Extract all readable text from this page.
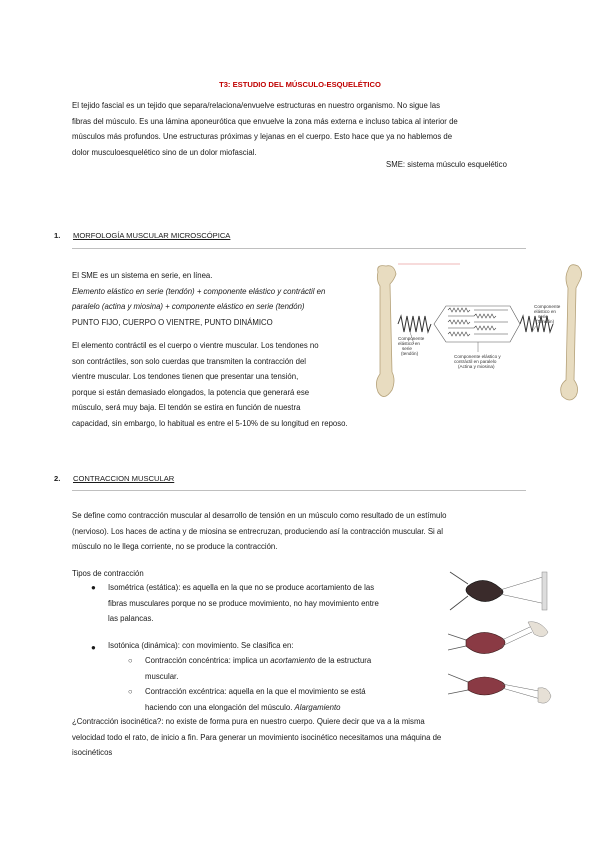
T3: ESTUDIO DEL MÚSCULO-ESQUELÉTICO
El tejido fascial es un tejido que separa/relaciona/envuelve estructuras en nuestro organismo. No sigue las
fibras del músculo. Es una lámina aponeurótica que envuelve la zona más externa e incluso tabica al interior de
músculos más profundos. Une estructuras próximas y lejanas en el cuerpo. Esto hace que ya no hablemos de
dolor musculoesquelético sino de un dolor miofascial.
SME: sistema músculo esquelético
1. MORFOLOGÍA MUSCULAR MICROSCÓPICA
El SME es un sistema en serie, en línea.
Elemento elástico en serie (tendón) + componente elástico y contráctil en
paralelo (actina y miosina) + componente elástico en serie (tendón)
PUNTO FIJO, CUERPO O VIENTRE, PUNTO DINÁMICO
El elemento contráctil es el cuerpo o vientre muscular. Los tendones no
son contráctiles, son solo cuerdas que transmiten la contracción del
vientre muscular. Los tendones tienen que presentar una tensión,
porque si están demasiado elongados, la potencia que generará ese
músculo, será muy baja. El tendón se estira en función de nuestra
capacidad, sin embargo, lo habitual es entre el 5-10% de su longitud en reposo.
Componente
elástico en
serie
(tendón)
Componente elástico y
contráctil en paralelo
(Actina y miosina)
Componente
elástico en
serie
(Tendón)
2. CONTRACCION MUSCULAR
Se define como contracción muscular al desarrollo de tensión en un músculo como resultado de un estímulo
(nervioso). Los haces de actina y de miosina se entrecruzan, produciendo así la contracción muscular. Si al
músculo no le llega corriente, no se produce la contracción.
Tipos de contracción
● Isométrica (estática): es aquella en la que no se produce acortamiento de las
fibras musculares porque no se produce movimiento, no hay movimiento entre
las palancas.
● Isotónica (dinámica): con movimiento. Se clasifica en:
○ Contracción concéntrica: implica un acortamiento de la estructura
muscular.
○ Contracción excéntrica: aquella en la que el movimiento se está
haciendo con una elongación del músculo. Alargamiento
¿Contracción isocinética?: no existe de forma pura en nuestro cuerpo. Quiere decir que va a la misma
velocidad todo el rato, de inicio a fin. Para generar un movimiento isocinético necesitamos una máquina de
isocinéticos
